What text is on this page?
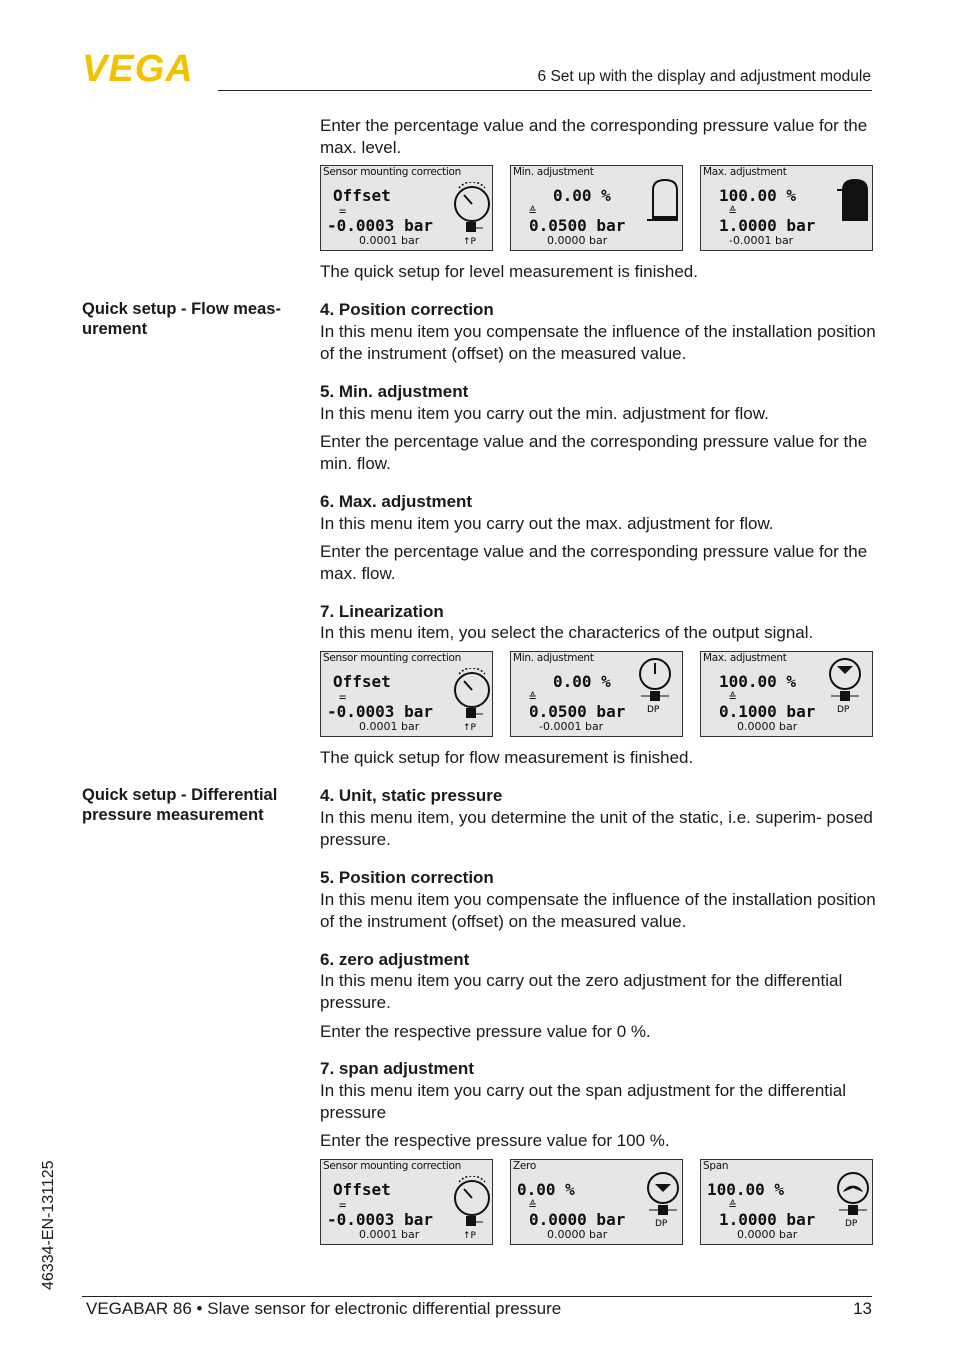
VEGA	6 Set up with the display and adjustment module

Enter the percentage value and the corresponding pressure value for the max. level.

Sensor mounting correction
Offset
=
-0.0003 bar
0.0001 bar	↑P
Min. adjustment
0.00 %
≙
0.0500 bar
0.0000 bar
Max. adjustment
100.00 %
≙
1.0000 bar
-0.0001 bar

The quick setup for level measurement is finished.

Quick setup - Flow meas- urement

4. Position correction

In this menu item you compensate the influence of the installation position of the instrument (offset) on the measured value.

5. Min. adjustment

In this menu item you carry out the min. adjustment for flow.

Enter the percentage value and the corresponding pressure value for the min. flow.

6. Max. adjustment

In this menu item you carry out the max. adjustment for flow.

Enter the percentage value and the corresponding pressure value for the max. flow.

7. Linearization

In this menu item, you select the characterics of the output signal.

Sensor mounting correction
Offset
=
-0.0003 bar
0.0001 bar	↑P
Min. adjustment
0.00 %
≙
0.0500 bar
-0.0001 bar
DP
Max. adjustment
100.00 %
≙
0.1000 bar
0.0000 bar
DP

The quick setup for flow measurement is finished.

Quick setup - Differential pressure measurement

4. Unit, static pressure

In this menu item, you determine the unit of the static, i.e. superim- posed pressure.

5. Position correction

In this menu item you compensate the influence of the installation position of the instrument (offset) on the measured value.

6. zero adjustment

In this menu item you carry out the zero adjustment for the differential pressure.

Enter the respective pressure value for 0 %.

7. span adjustment

In this menu item you carry out the span adjustment for the differential pressure

Enter the respective pressure value for 100 %.

Sensor mounting correction
Offset
=
-0.0003 bar
0.0001 bar	↑P
Zero
0.00 %
≙
0.0000 bar
0.0000 bar
DP
Span
100.00 %
≙
1.0000 bar
0.0000 bar
DP
46334-EN-131125
VEGABAR 86 • Slave sensor for electronic differential pressure	13
